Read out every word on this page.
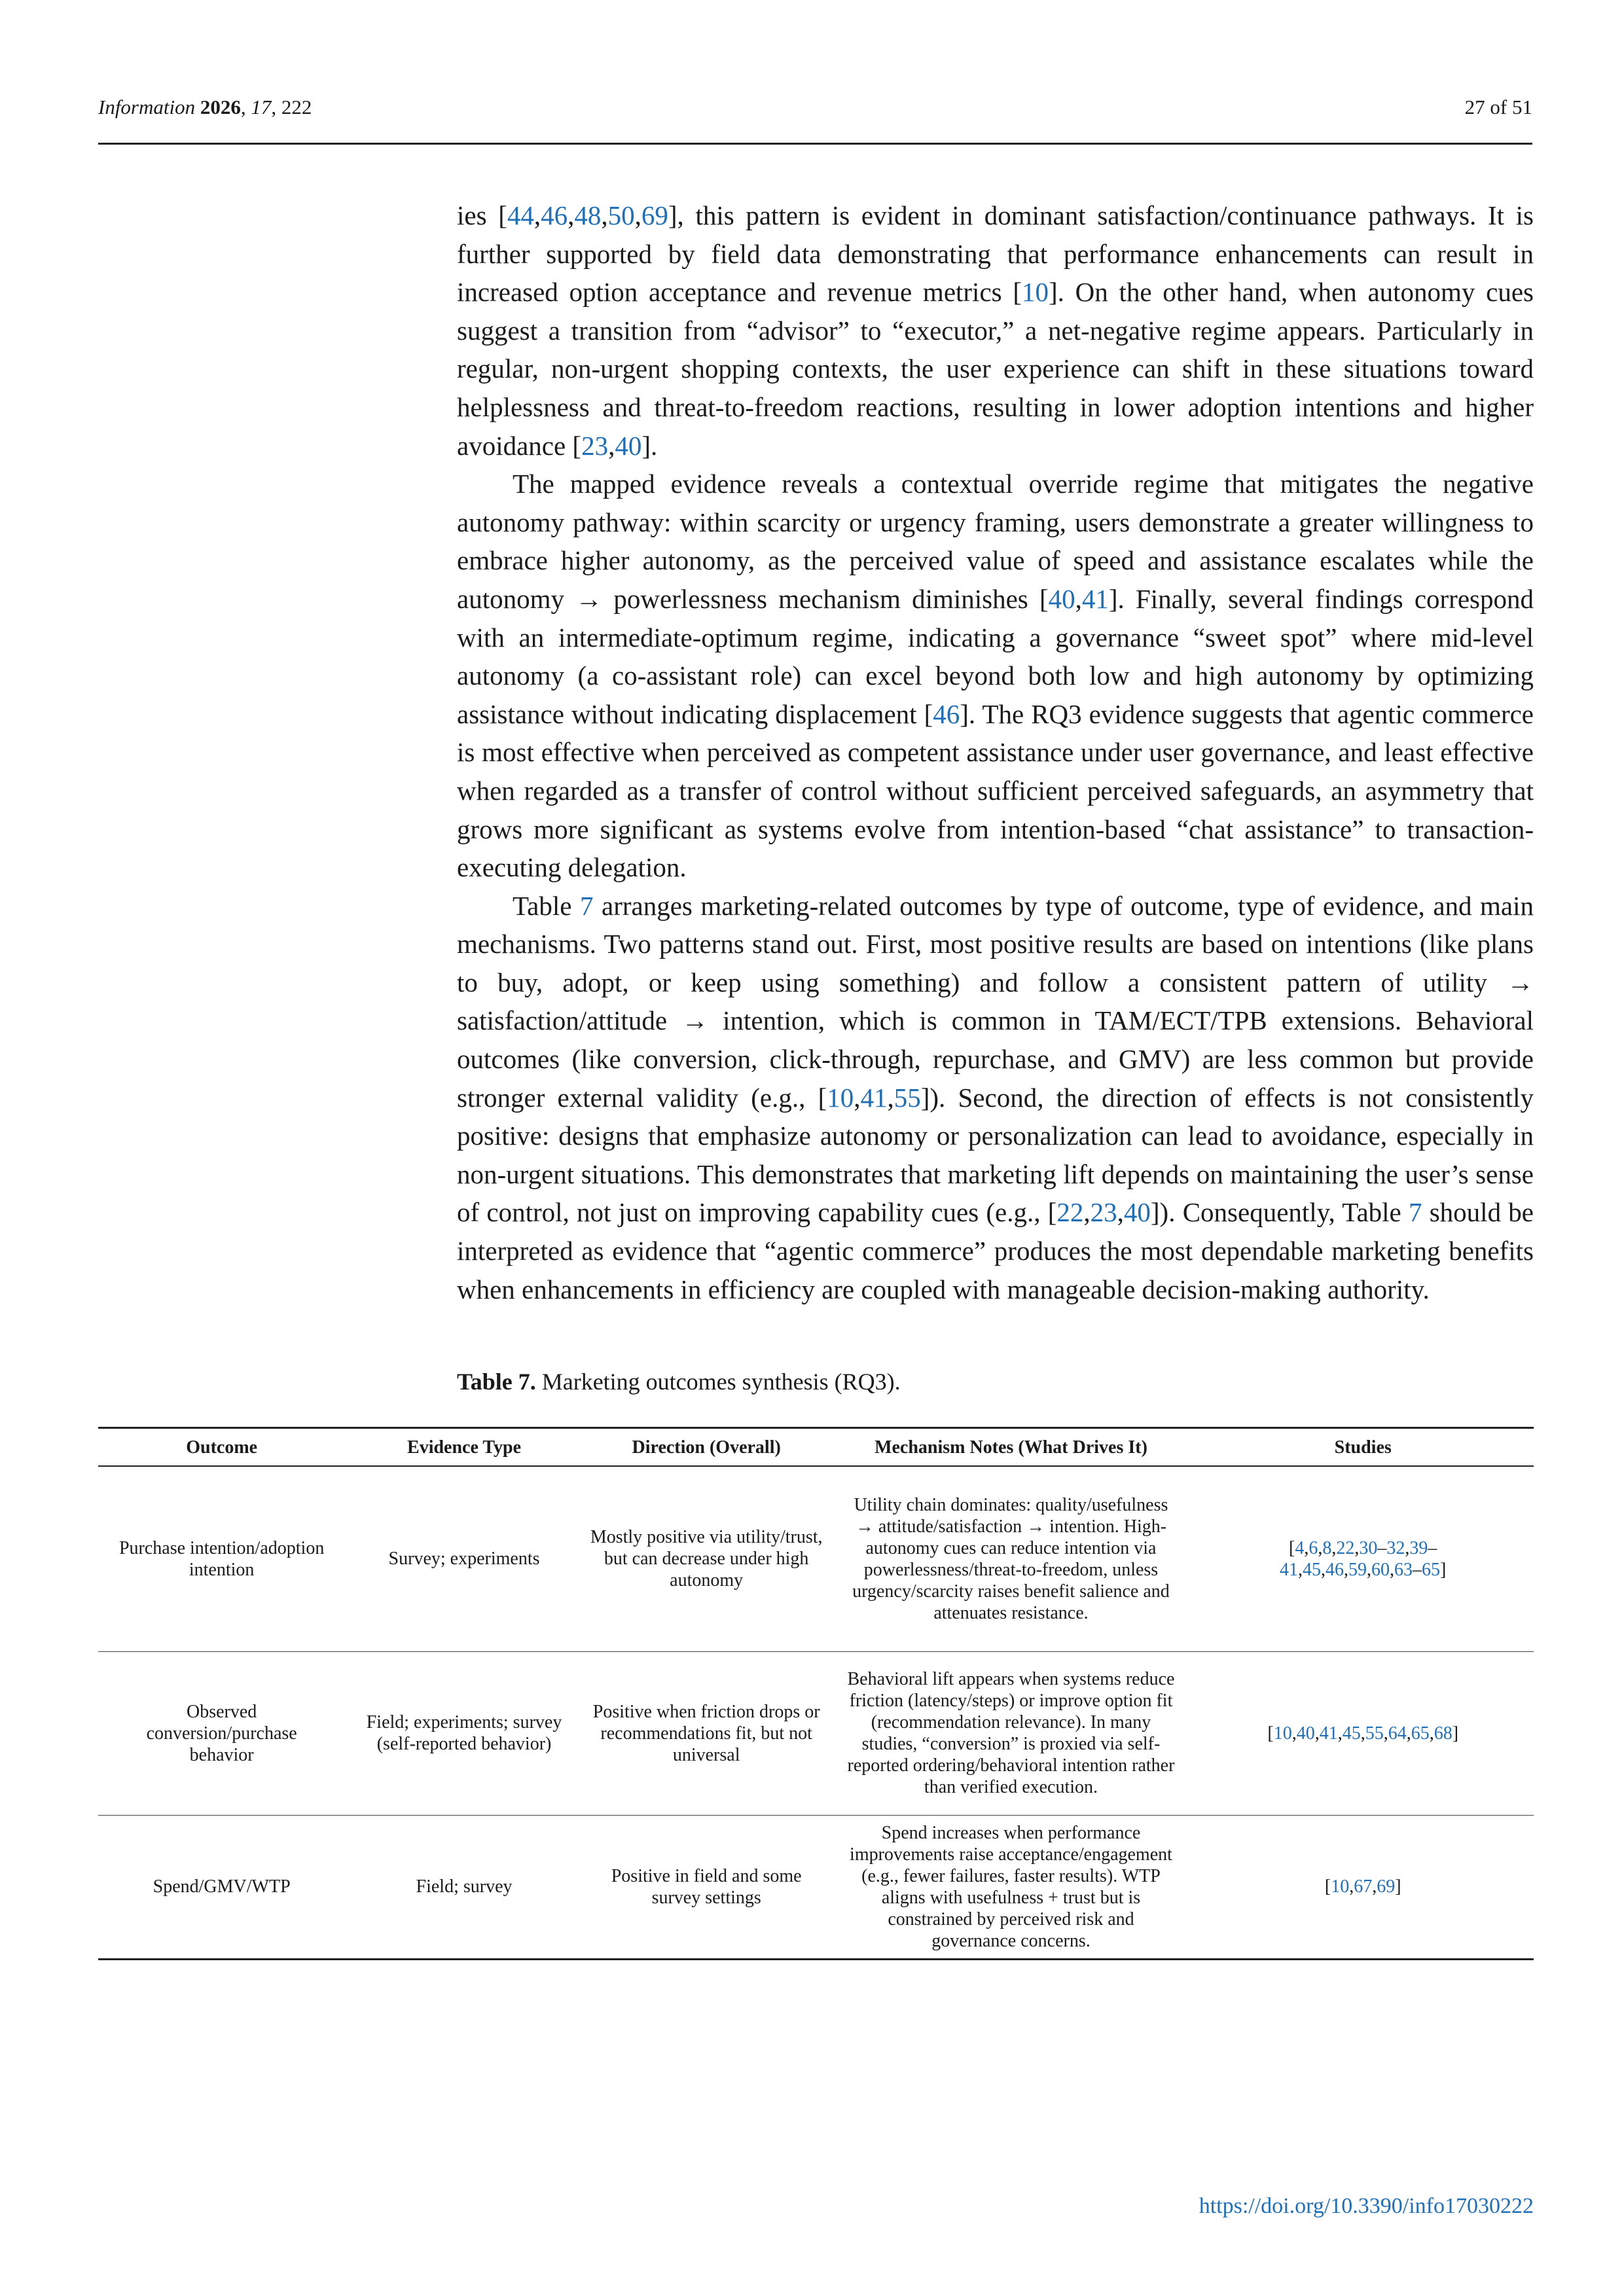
Information 2026, 17, 222	27 of 51

ies [44,46,48,50,69], this pattern is evident in dominant satisfaction/continuance pathways. It is further supported by field data demonstrating that performance enhancements can result in increased option acceptance and revenue metrics [10]. On the other hand, when autonomy cues suggest a transition from “advisor” to “executor,” a net-negative regime appears. Particularly in regular, non-urgent shopping contexts, the user experience can shift in these situations toward helplessness and threat-to-freedom reactions, resulting in lower adoption intentions and higher avoidance [23,40].

The mapped evidence reveals a contextual override regime that mitigates the negative autonomy pathway: within scarcity or urgency framing, users demonstrate a greater willingness to embrace higher autonomy, as the perceived value of speed and assistance escalates while the autonomy → powerlessness mechanism diminishes [40,41]. Finally, several findings correspond with an intermediate-optimum regime, indicating a governance “sweet spot” where mid-level autonomy (a co-assistant role) can excel beyond both low and high autonomy by optimizing assistance without indicating displacement [46]. The RQ3 evidence suggests that agentic commerce is most effective when perceived as competent assistance under user governance, and least effective when regarded as a transfer of control without sufficient perceived safeguards, an asymmetry that grows more significant as systems evolve from intention-based “chat assistance” to transaction-executing delegation.

Table 7 arranges marketing-related outcomes by type of outcome, type of evidence, and main mechanisms. Two patterns stand out. First, most positive results are based on intentions (like plans to buy, adopt, or keep using something) and follow a consistent pattern of utility → satisfaction/attitude → intention, which is common in TAM/ECT/TPB extensions. Behavioral outcomes (like conversion, click-through, repurchase, and GMV) are less common but provide stronger external validity (e.g., [10,41,55]). Second, the direction of effects is not consistently positive: designs that emphasize autonomy or personalization can lead to avoidance, especially in non-urgent situations. This demonstrates that marketing lift depends on maintaining the user’s sense of control, not just on improving capability cues (e.g., [22,23,40]). Consequently, Table 7 should be interpreted as evidence that “agentic commerce” produces the most dependable marketing benefits when enhancements in efficiency are coupled with manageable decision-making authority.

Table 7. Marketing outcomes synthesis (RQ3).
Outcome	Evidence Type	Direction (Overall)	Mechanism Notes (What Drives It)	Studies
Purchase intention/adoption intention	Survey; experiments	Mostly positive via utility/trust, but can decrease under high autonomy	Utility chain dominates: quality/usefulness → attitude/satisfaction → intention. High-autonomy cues can reduce intention via powerlessness/threat-to-freedom, unless urgency/scarcity raises benefit salience and attenuates resistance.	[4,6,8,22,30–32,39–41,45,46,59,60,63–65]
Observed conversion/purchase behavior	Field; experiments; survey (self-reported behavior)	Positive when friction drops or recommendations fit, but not universal	Behavioral lift appears when systems reduce friction (latency/steps) or improve option fit (recommendation relevance). In many studies, “conversion” is proxied via self-reported ordering/behavioral intention rather than verified execution.	[10,40,41,45,55,64,65,68]
Spend/GMV/WTP	Field; survey	Positive in field and some survey settings	Spend increases when performance improvements raise acceptance/engagement (e.g., fewer failures, faster results). WTP aligns with usefulness + trust but is constrained by perceived risk and governance concerns.	[10,67,69]
https://doi.org/10.3390/info17030222
